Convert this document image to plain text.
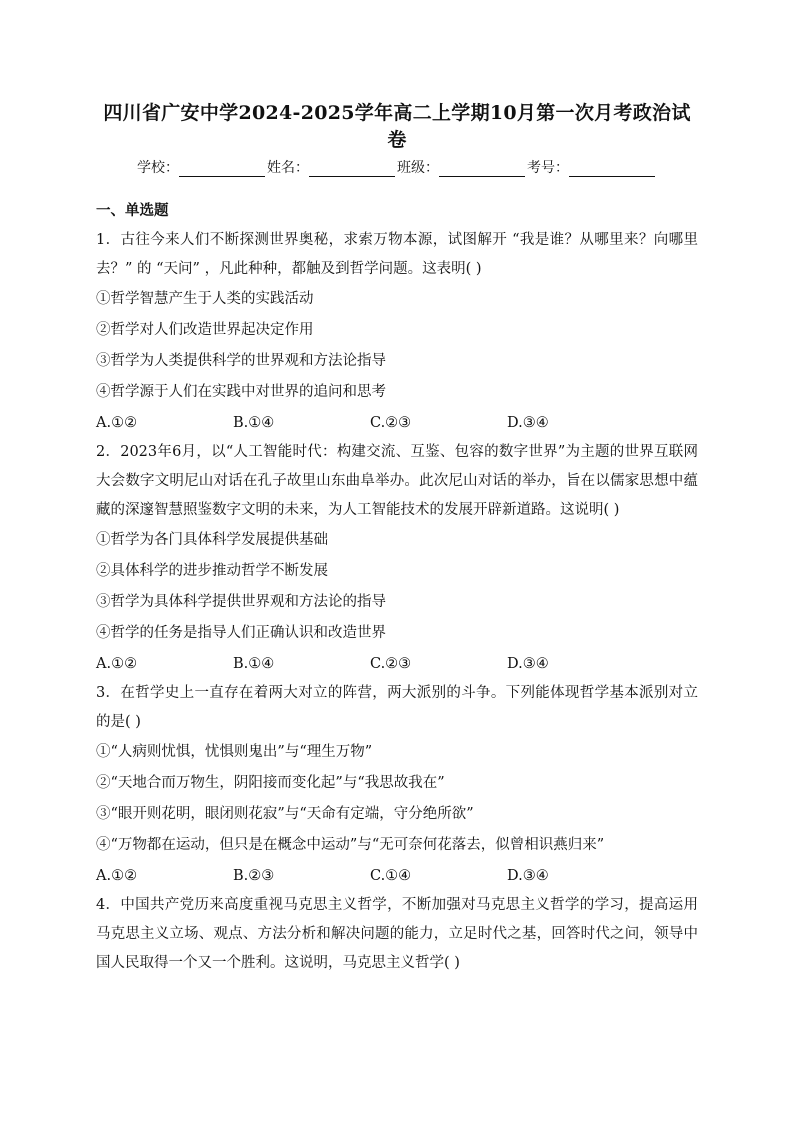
四川省广安中学2024-2025学年高二上学期10月第一次月考政治试卷
学校：	姓名：	班级：	考号：
一、单选题

1．古往今来人们不断探测世界奥秘，求索万物本源，试图解开 “我是谁？从哪里来？向哪里去？” 的 “天问” ，凡此种种，都触及到哲学问题。这表明( )

①哲学智慧产生于人类的实践活动

②哲学对人们改造世界起决定作用

③哲学为人类提供科学的世界观和方法论指导

④哲学源于人们在实践中对世界的追问和思考

A.①②	B.①④	C.②③	D.③④

2．2023年6月，以“人工智能时代：构建交流、互鉴、包容的数字世界”为主题的世界互联网大会数字文明尼山对话在孔子故里山东曲阜举办。此次尼山对话的举办，旨在以儒家思想中蕴藏的深邃智慧照鉴数字文明的未来，为人工智能技术的发展开辟新道路。这说明( )

①哲学为各门具体科学发展提供基础

②具体科学的进步推动哲学不断发展

③哲学为具体科学提供世界观和方法论的指导

④哲学的任务是指导人们正确认识和改造世界

A.①②	B.①④	C.②③	D.③④

3．在哲学史上一直存在着两大对立的阵营，两大派别的斗争。下列能体现哲学基本派别对立的是( )

①“人病则忧惧，忧惧则鬼出”与“理生万物”

②“天地合而万物生，阴阳接而变化起”与“我思故我在”

③“眼开则花明，眼闭则花寂”与“天命有定端，守分绝所欲”

④“万物都在运动，但只是在概念中运动”与“无可奈何花落去，似曾相识燕归来”

A.①②	B.②③	C.①④	D.③④

4．中国共产党历来高度重视马克思主义哲学，不断加强对马克思主义哲学的学习，提高运用马克思主义立场、观点、方法分析和解决问题的能力，立足时代之基，回答时代之问，领导中国人民取得一个又一个胜利。这说明，马克思主义哲学( )
